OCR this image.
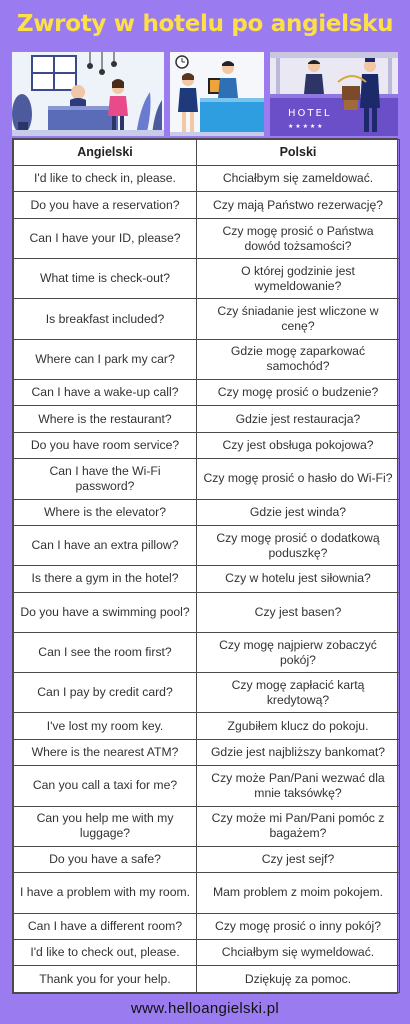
Zwroty w hotelu po angielsku
HOTEL
★ ★ ★ ★ ★
Angielski	Polski
I'd like to check in, please.	Chciałbym się zameldować.
Do you have a reservation?	Czy mają Państwo rezerwację?
Can I have your ID, please?	Czy mogę prosić o Państwa dowód tożsamości?
What time is check-out?	O której godzinie jest wymeldowanie?
Is breakfast included?	Czy śniadanie jest wliczone w cenę?
Where can I park my car?	Gdzie mogę zaparkować samochód?
Can I have a wake-up call?	Czy mogę prosić o budzenie?
Where is the restaurant?	Gdzie jest restauracja?
Do you have room service?	Czy jest obsługa pokojowa?
Can I have the Wi-Fi password?	Czy mogę prosić o hasło do Wi-Fi?
Where is the elevator?	Gdzie jest winda?
Can I have an extra pillow?	Czy mogę prosić o dodatkową poduszkę?
Is there a gym in the hotel?	Czy w hotelu jest siłownia?
Do you have a swimming pool?	Czy jest basen?
Can I see the room first?	Czy mogę najpierw zobaczyć pokój?
Can I pay by credit card?	Czy mogę zapłacić kartą kredytową?
I've lost my room key.	Zgubiłem klucz do pokoju.
Where is the nearest ATM?	Gdzie jest najbliższy bankomat?
Can you call a taxi for me?	Czy może Pan/Pani wezwać dla mnie taksówkę?
Can you help me with my luggage?	Czy może mi Pan/Pani pomóc z bagażem?
Do you have a safe?	Czy jest sejf?
I have a problem with my room.	Mam problem z moim pokojem.
Can I have a different room?	Czy mogę prosić o inny pokój?
I'd like to check out, please.	Chciałbym się wymeldować.
Thank you for your help.	Dziękuję za pomoc.
www.helloangielski.pl
